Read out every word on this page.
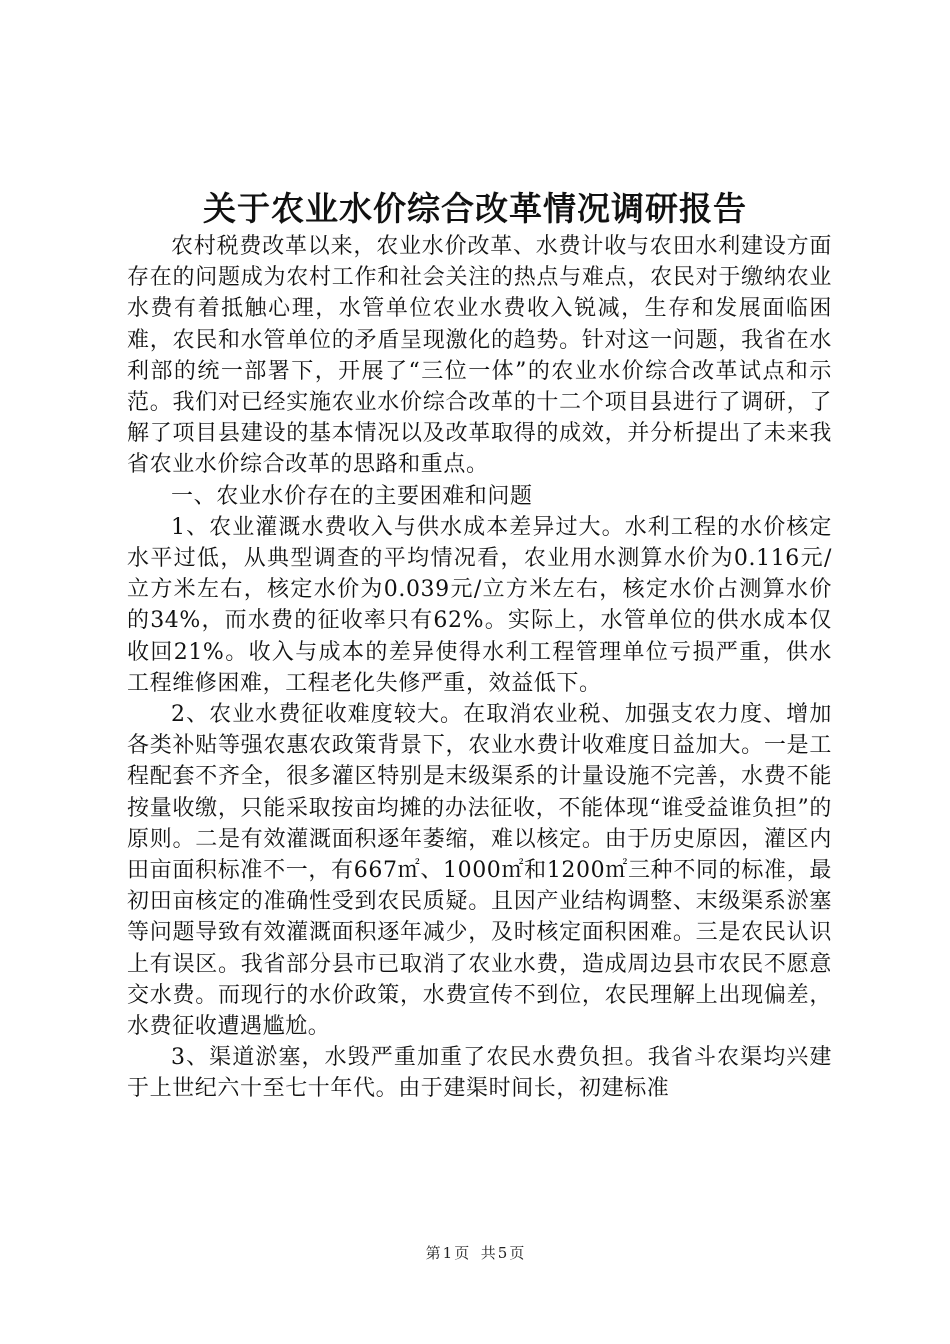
关于农业水价综合改革情况调研报告

农村税费改革以来，农业水价改革、水费计收与农田水利建设方面存在的问题成为农村工作和社会关注的热点与难点，农民对于缴纳农业水费有着抵触心理，水管单位农业水费收入锐减，生存和发展面临困难，农民和水管单位的矛盾呈现激化的趋势。针对这一问题，我省在水利部的统一部署下，开展了“三位一体”的农业水价综合改革试点和示范。我们对已经实施农业水价综合改革的十二个项目县进行了调研，了解了项目县建设的基本情况以及改革取得的成效，并分析提出了未来我省农业水价综合改革的思路和重点。

一、农业水价存在的主要困难和问题

1、农业灌溉水费收入与供水成本差异过大。水利工程的水价核定水平过低，从典型调查的平均情况看，农业用水测算水价为0.116元/立方米左右，核定水价为0.039元/立方米左右，核定水价占测算水价的34%，而水费的征收率只有62%。实际上，水管单位的供水成本仅收回21%。收入与成本的差异使得水利工程管理单位亏损严重，供水工程维修困难，工程老化失修严重，效益低下。

2、农业水费征收难度较大。在取消农业税、加强支农力度、增加各类补贴等强农惠农政策背景下，农业水费计收难度日益加大。一是工程配套不齐全，很多灌区特别是末级渠系的计量设施不完善，水费不能按量收缴，只能采取按亩均摊的办法征收，不能体现“谁受益谁负担”的原则。二是有效灌溉面积逐年萎缩，难以核定。由于历史原因，灌区内田亩面积标准不一，有667㎡、1000㎡和1200㎡三种不同的标准，最初田亩核定的准确性受到农民质疑。且因产业结构调整、末级渠系淤塞等问题导致有效灌溉面积逐年减少，及时核定面积困难。三是农民认识上有误区。我省部分县市已取消了农业水费，造成周边县市农民不愿意交水费。而现行的水价政策，水费宣传不到位，农民理解上出现偏差，水费征收遭遇尴尬。

3、渠道淤塞，水毁严重加重了农民水费负担。我省斗农渠均兴建于上世纪六十至七十年代。由于建渠时间长，初建标准

第 1 页 共 5 页
